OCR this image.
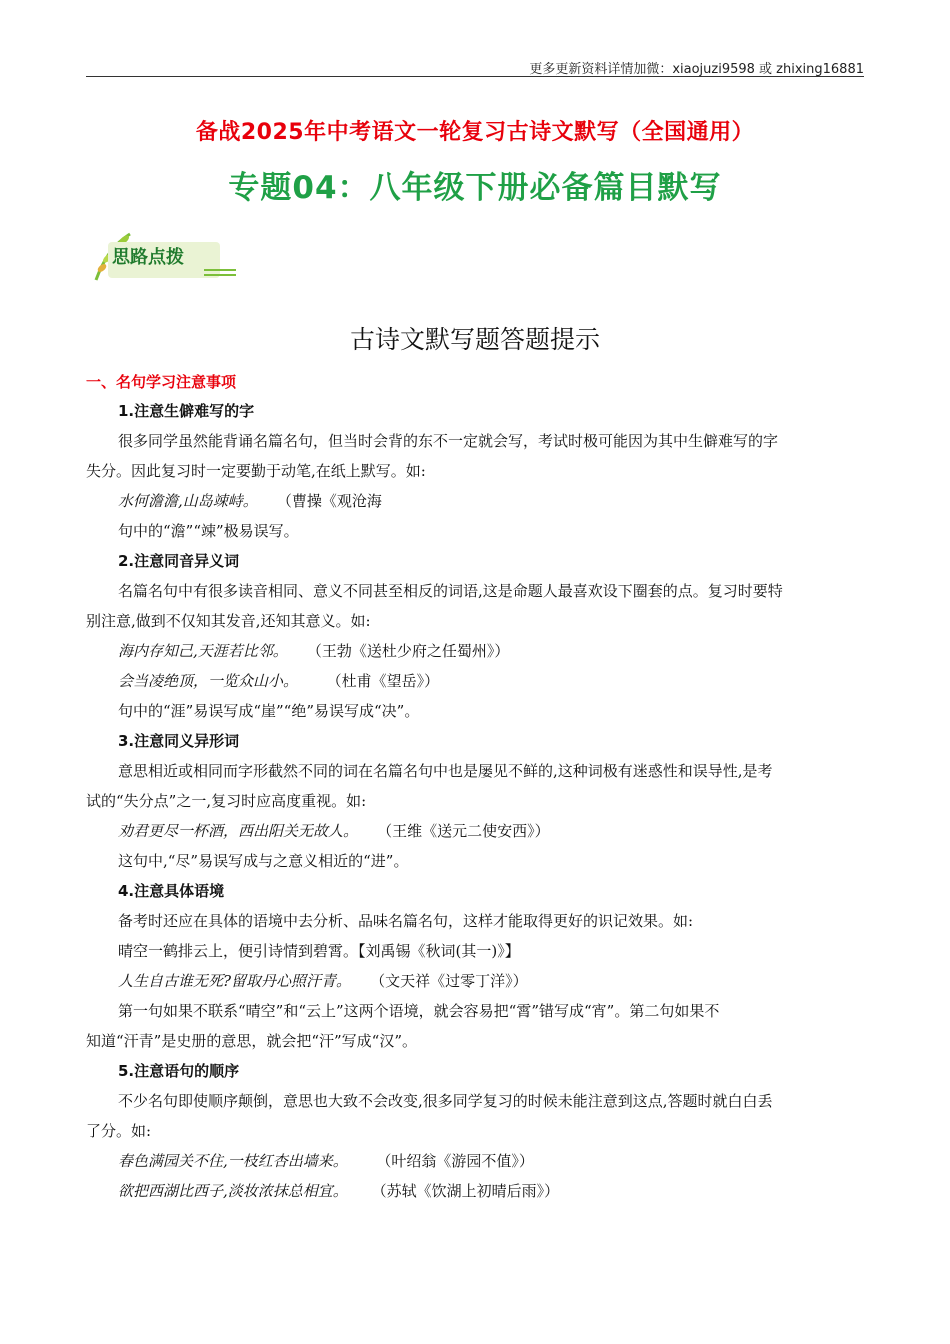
更多更新资料详情加微：xiaojuzi9598 或 zhixing16881
备战2025年中考语文一轮复习古诗文默写（全国通用）
专题04：八年级下册必备篇目默写
思路点拨
古诗文默写题答题提示
一、名句学习注意事项
1.注意生僻难写的字
很多同学虽然能背诵名篇名句，但当时会背的东不一定就会写，考试时极可能因为其中生僻难写的字
失分。因此复习时一定要勤于动笔,在纸上默写。如:
水何澹澹,山岛竦峙。 （曹操《观沧海
句中的“澹”“竦”极易误写。
2.注意同音异义词
名篇名句中有很多读音相同、意义不同甚至相反的词语,这是命题人最喜欢设下圈套的点。复习时要特
别注意,做到不仅知其发音,还知其意义。如:
海内存知己,天涯若比邻。 （王勃《送杜少府之任蜀州》）
会当凌绝顶，一览众山小。 （杜甫《望岳》）
句中的“涯”易误写成“崖”“绝”易误写成“决”。
3.注意同义异形词
意思相近或相同而字形截然不同的词在名篇名句中也是屡见不鲜的,这种词极有迷惑性和误导性,是考
试的“失分点”之一,复习时应高度重视。如:
劝君更尽一杯酒，西出阳关无故人。 （王维《送元二使安西》）
这句中,“尽”易误写成与之意义相近的“进”。
4.注意具体语境
备考时还应在具体的语境中去分析、品味名篇名句，这样才能取得更好的识记效果。如:
晴空一鹤排云上，便引诗情到碧霄。【刘禹锡《秋词(其一)》】
人生自古谁无死?留取丹心照汗青。 （文天祥《过零丁洋》）
第一句如果不联系“晴空”和“云上”这两个语境，就会容易把“霄”错写成“宵”。第二句如果不
知道“汗青”是史册的意思，就会把“汗”写成“汉”。
5.注意语句的顺序
不少名句即使顺序颠倒，意思也大致不会改变,很多同学复习的时候未能注意到这点,答题时就白白丢
了分。如:
春色满园关不住,一枝红杏出墙来。 （叶绍翁《游园不值》）
欲把西湖比西子,淡妆浓抹总相宜。 （苏轼《饮湖上初晴后雨》）
